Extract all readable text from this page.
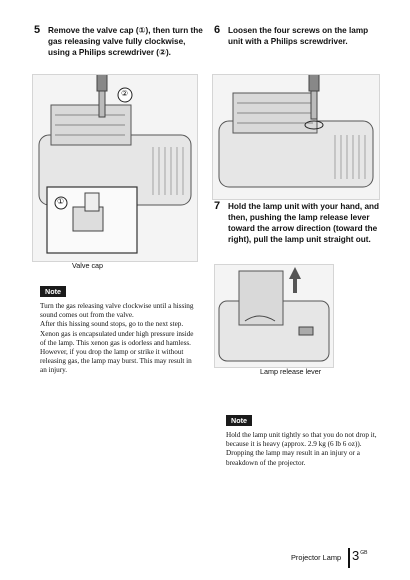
5 Remove the valve cap (①), then turn the gas releasing valve fully clockwise, using a Philips screwdriver (②).
②
①
Valve cap
Note

Turn the gas releasing valve clockwise until a hissing sound comes out from the valve.

After this hissing sound stops, go to the next step.

Xenon gas is encapsulated under high pressure inside of the lamp. This xenon gas is odorless and hamless. However, if you drop the lamp or strike it without releasing gas, the lamp may burst. This may result in an injury.

6 Loosen the four screws on the lamp unit with a Philips screwdriver.
7 Hold the lamp unit with your hand, and then, pushing the lamp release lever toward the arrow direction (toward the right), pull the lamp unit straight out.
Lamp release lever
Note

Hold the lamp unit tightly so that you do not drop it, because it is heavy (approx. 2.9 kg (6 lb 6 oz)). Dropping the lamp may result in an injury or a breakdown of the projector.

Projector Lamp $3^{GB}$
